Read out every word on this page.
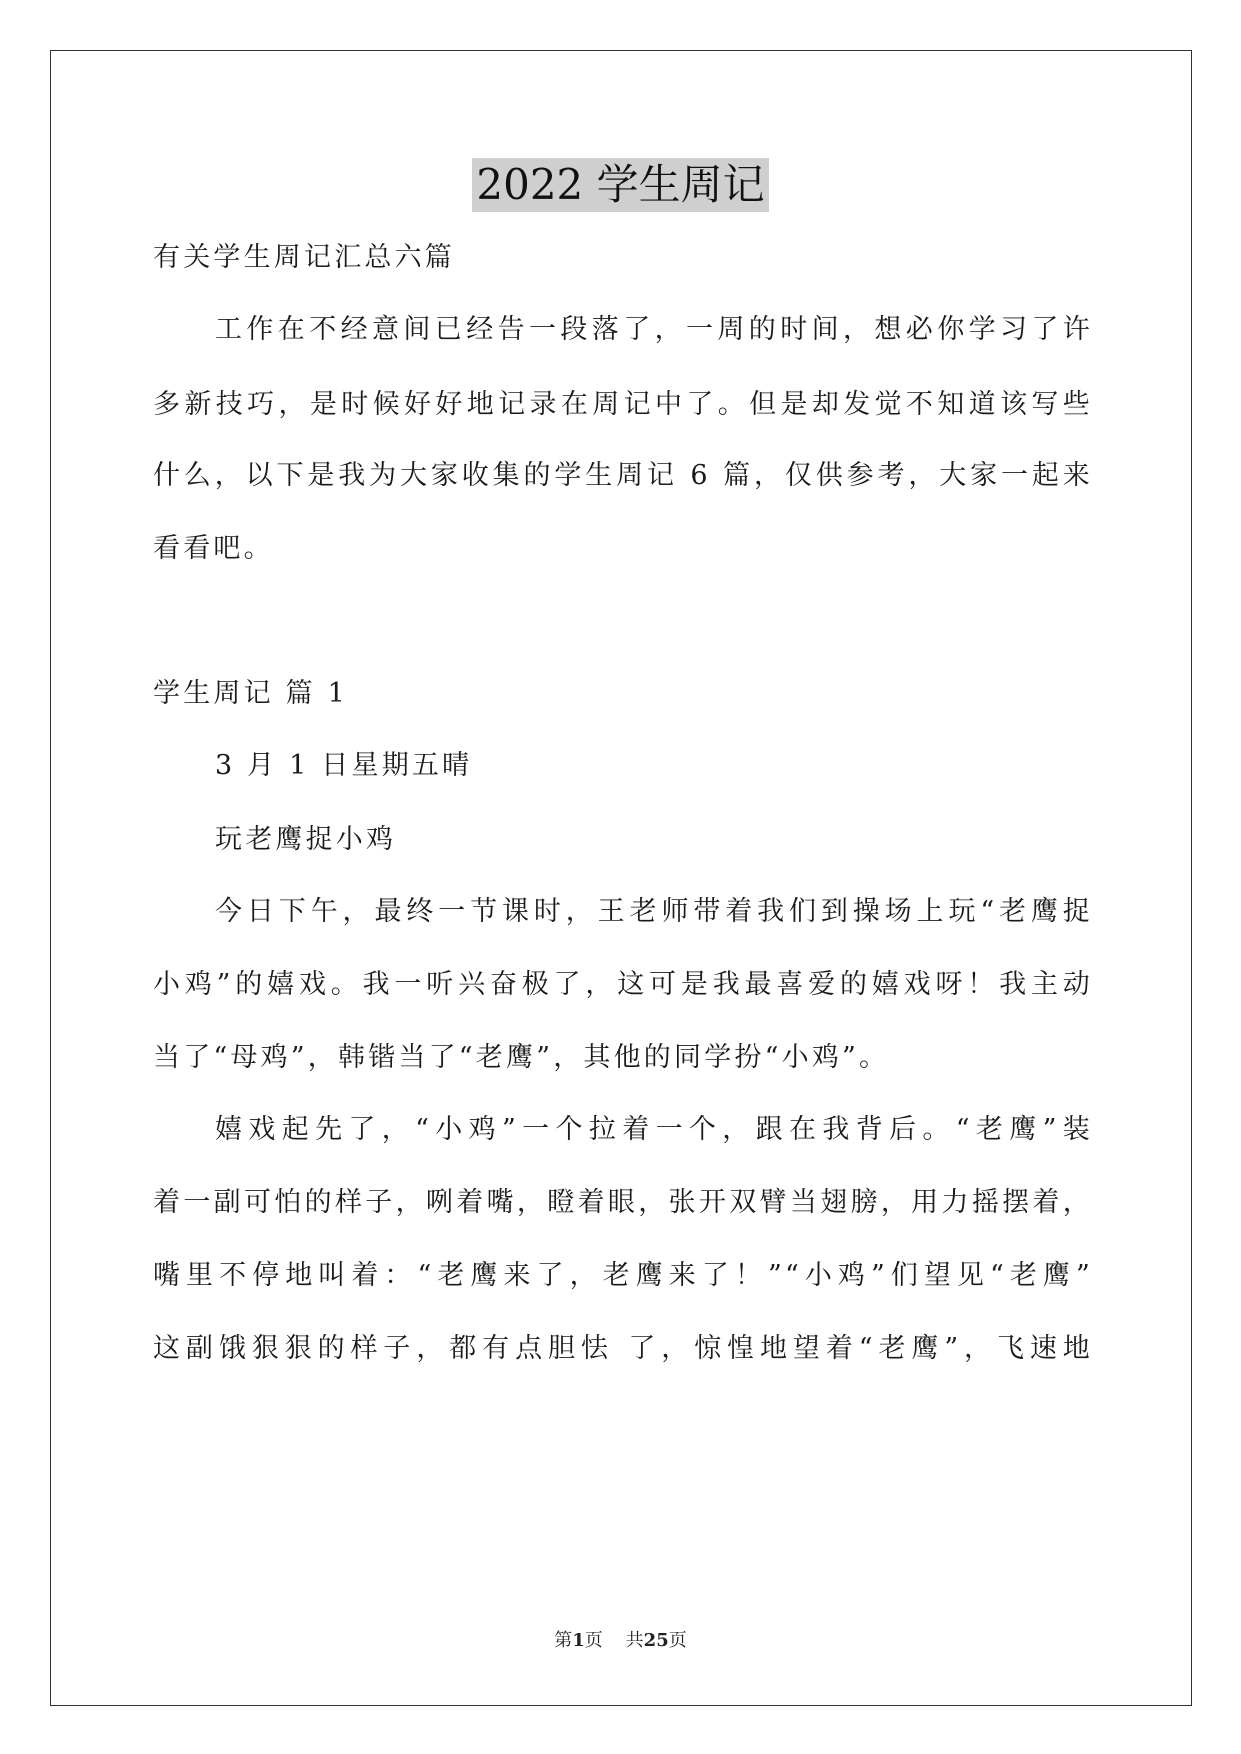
2022 学生周记
有关学生周记汇总六篇
工作在不经意间已经告一段落了，一周的时间，想必你学习了许
多新技巧，是时候好好地记录在周记中了。但是却发觉不知道该写些
什么，以下是我为大家收集的学生周记 6 篇，仅供参考，大家一起来
看看吧。
学生周记 篇 1
3 月 1 日星期五晴
玩老鹰捉小鸡
今日下午，最终一节课时，王老师带着我们到操场上玩“老鹰捉
小鸡”的嬉戏。我一听兴奋极了，这可是我最喜爱的嬉戏呀！我主动
当了“母鸡”，韩锴当了“老鹰”，其他的同学扮“小鸡”。
嬉戏起先了，“小鸡”一个拉着一个，跟在我背后。“老鹰”装
着一副可怕的样子，咧着嘴，瞪着眼，张开双臂当翅膀，用力摇摆着，
嘴里不停地叫着：“老鹰来了，老鹰来了！”“小鸡”们望见“老鹰”
这副饿狠狠的样子，都有点胆怯 了，惊惶地望着“老鹰”，飞速地
第1页    共25页
